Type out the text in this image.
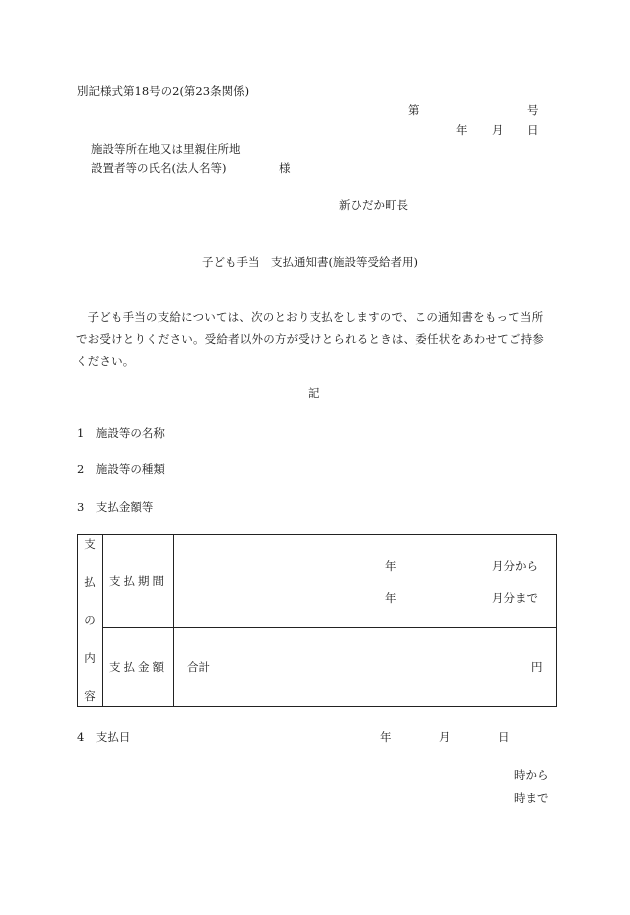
別記様式第18号の2(第23条関係)
第	号
年 月 日
施設等所在地又は里親住所地
設置者等の氏名(法人名等)	様
新ひだか町長
子ども手当　支払通知書(施設等受給者用)
子ども手当の支給については、次のとおり支払をしますので、この通知書をもって当所でお受けとりください。受給者以外の方が受けとられるときは、委任状をあわせてご持参ください。
記
1　施設等の名称
2　施設等の種類
3　支払金額等
支
払
の
内
容	支払期間	年 月分から
年 月分まで

	支払金額	合計 円
4　支払日	年	月	日
時から
時まで
